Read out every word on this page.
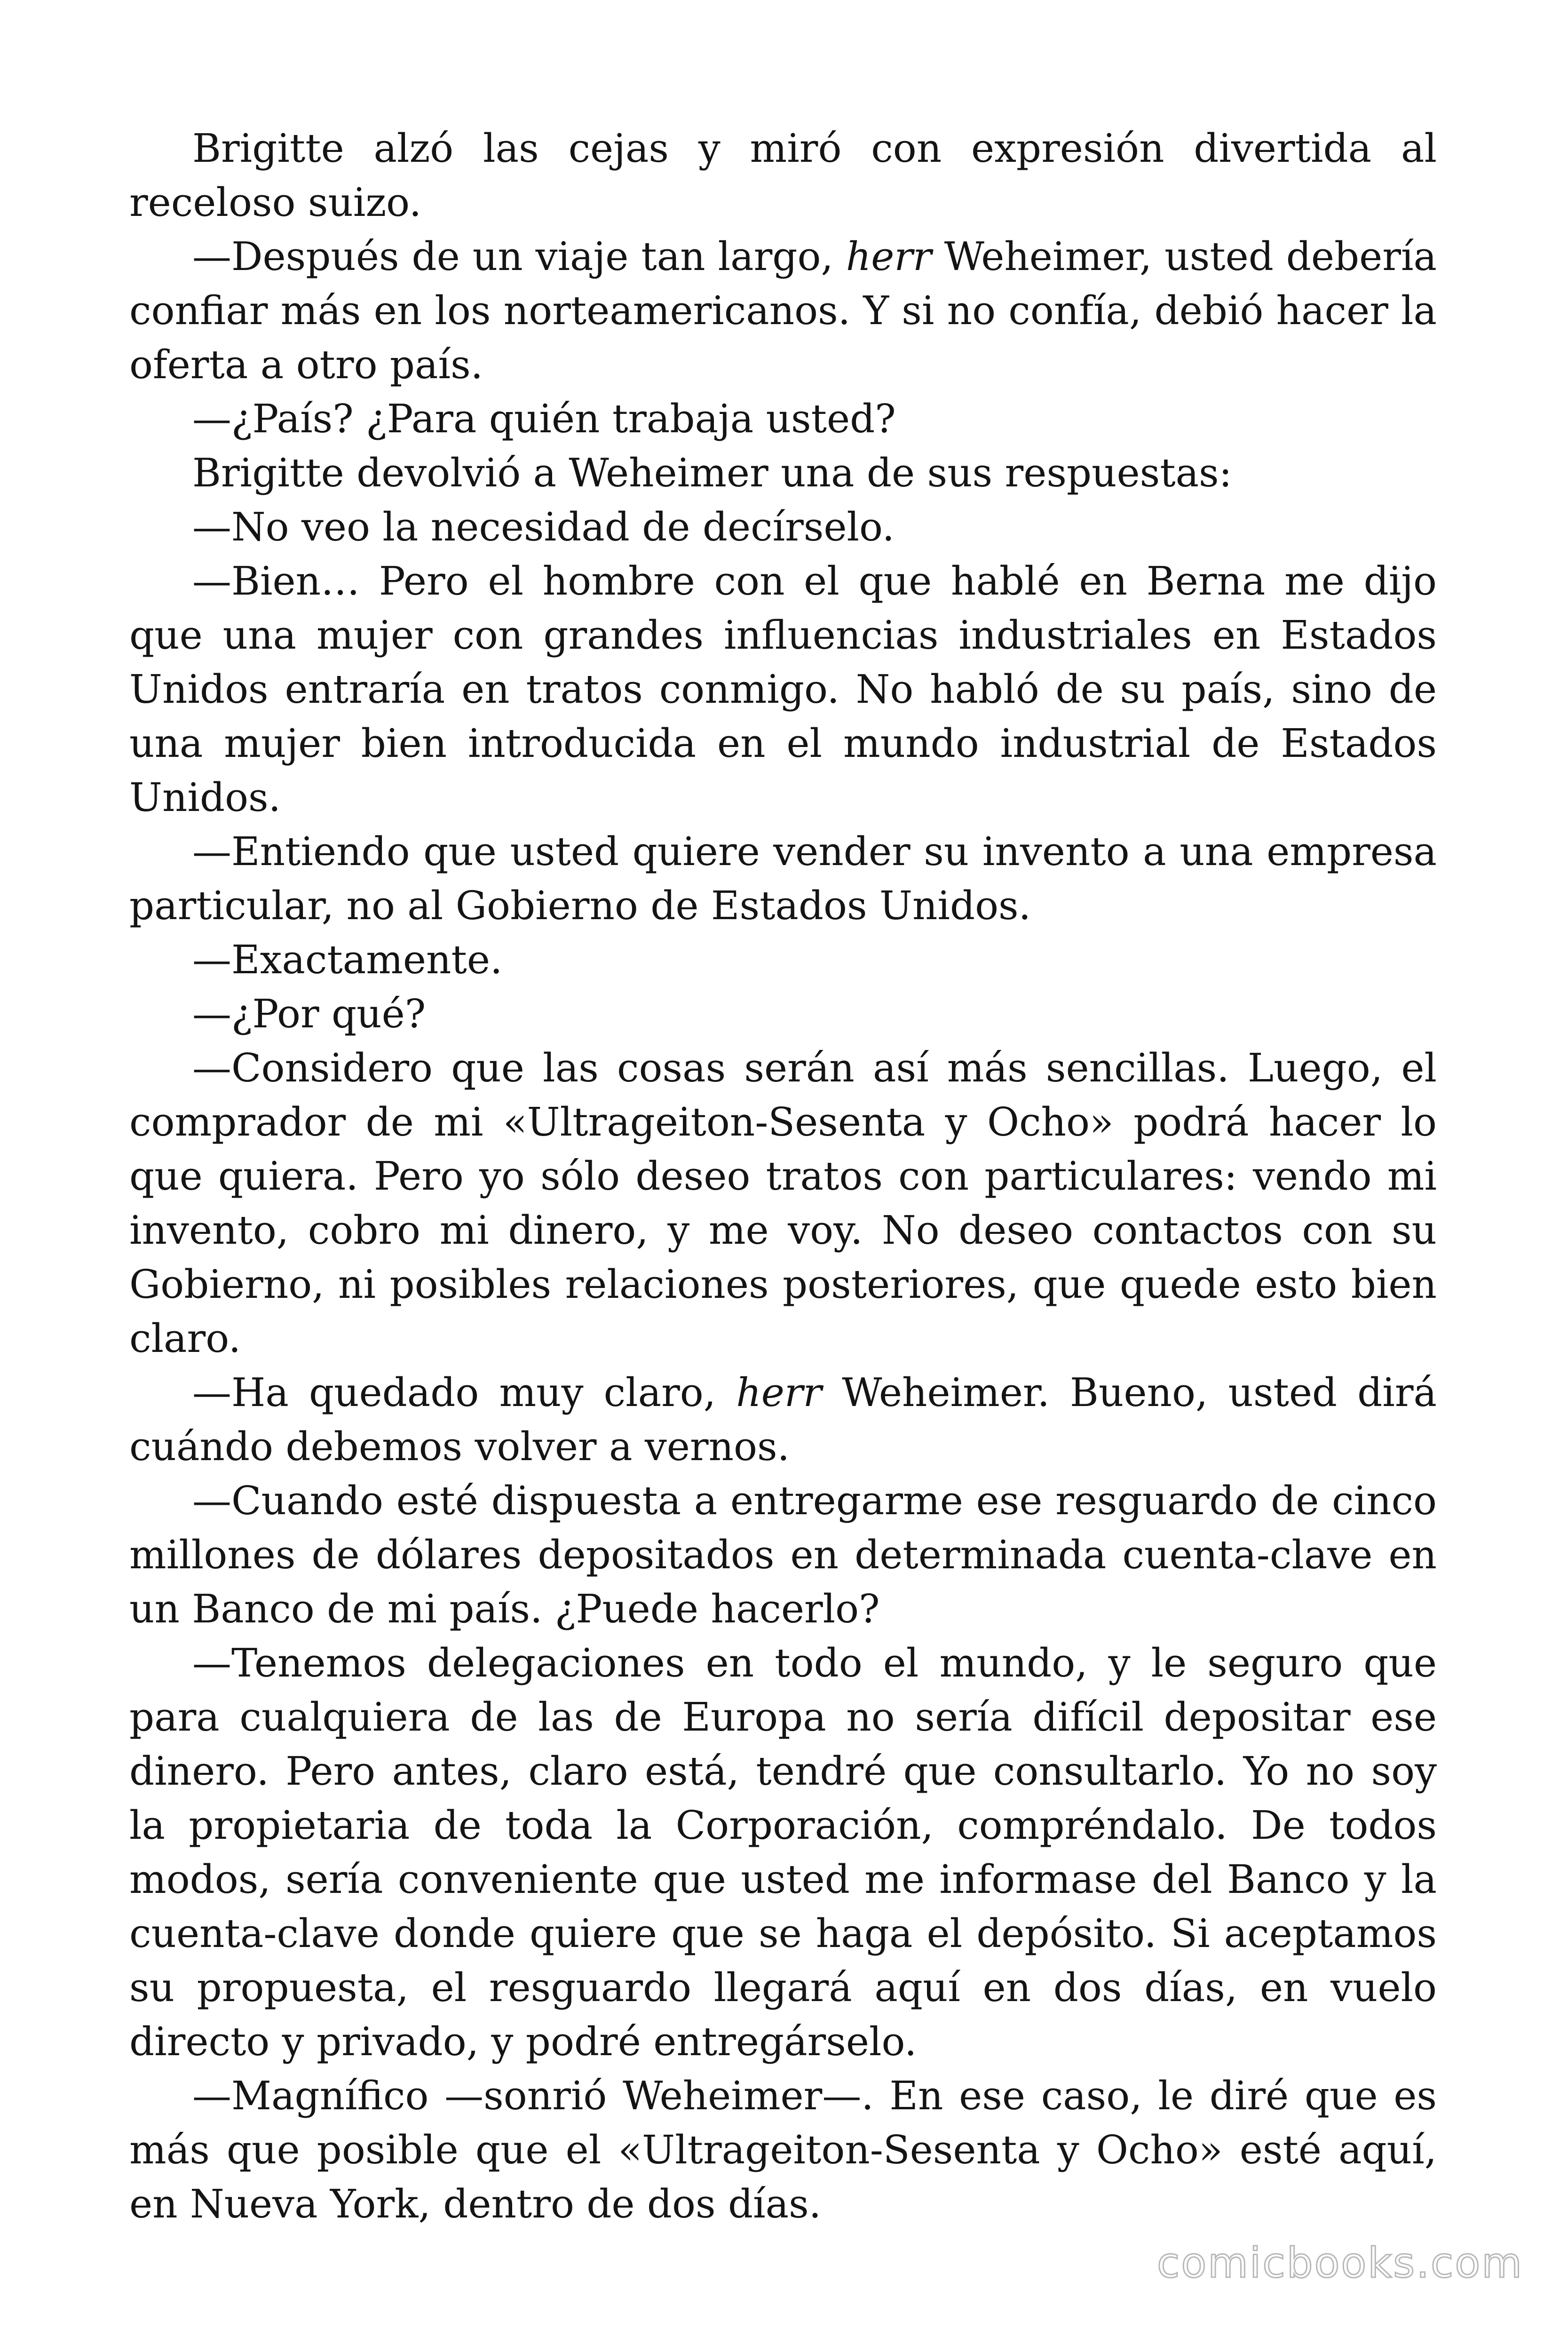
Brigitte alzó las cejas y miró con expresión divertida al receloso suizo.

—Después de un viaje tan largo, herr Weheimer, usted debería confiar más en los norteamericanos. Y si no confía, debió hacer la oferta a otro país.

—¿País? ¿Para quién trabaja usted?

Brigitte devolvió a Weheimer una de sus respuestas:

—No veo la necesidad de decírselo.

—Bien… Pero el hombre con el que hablé en Berna me dijo que una mujer con grandes influencias industriales en Estados Unidos entraría en tratos conmigo. No habló de su país, sino de una mujer bien introducida en el mundo industrial de Estados Unidos.

—Entiendo que usted quiere vender su invento a una empresa particular, no al Gobierno de Estados Unidos.

—Exactamente.

—¿Por qué?

—Considero que las cosas serán así más sencillas. Luego, el comprador de mi «Ultrageiton-Sesenta y Ocho» podrá hacer lo que quiera. Pero yo sólo deseo tratos con particulares: vendo mi invento, cobro mi dinero, y me voy. No deseo contactos con su Gobierno, ni posibles relaciones posteriores, que quede esto bien claro.

—Ha quedado muy claro, herr Weheimer. Bueno, usted dirá cuándo debemos volver a vernos.

—Cuando esté dispuesta a entregarme ese resguardo de cinco millones de dólares depositados en determinada cuenta-clave en un Banco de mi país. ¿Puede hacerlo?

—Tenemos delegaciones en todo el mundo, y le seguro que para cualquiera de las de Europa no sería difícil depositar ese dinero. Pero antes, claro está, tendré que consultarlo. Yo no soy la propietaria de toda la Corporación, compréndalo. De todos modos, sería conveniente que usted me informase del Banco y la cuenta-clave donde quiere que se haga el depósito. Si aceptamos su propuesta, el resguardo llegará aquí en dos días, en vuelo directo y privado, y podré entregárselo.

—Magnífico —sonrió Weheimer—. En ese caso, le diré que es más que posible que el «Ultrageiton-Sesenta y Ocho» esté aquí, en Nueva York, dentro de dos días.

comicbooks.com
